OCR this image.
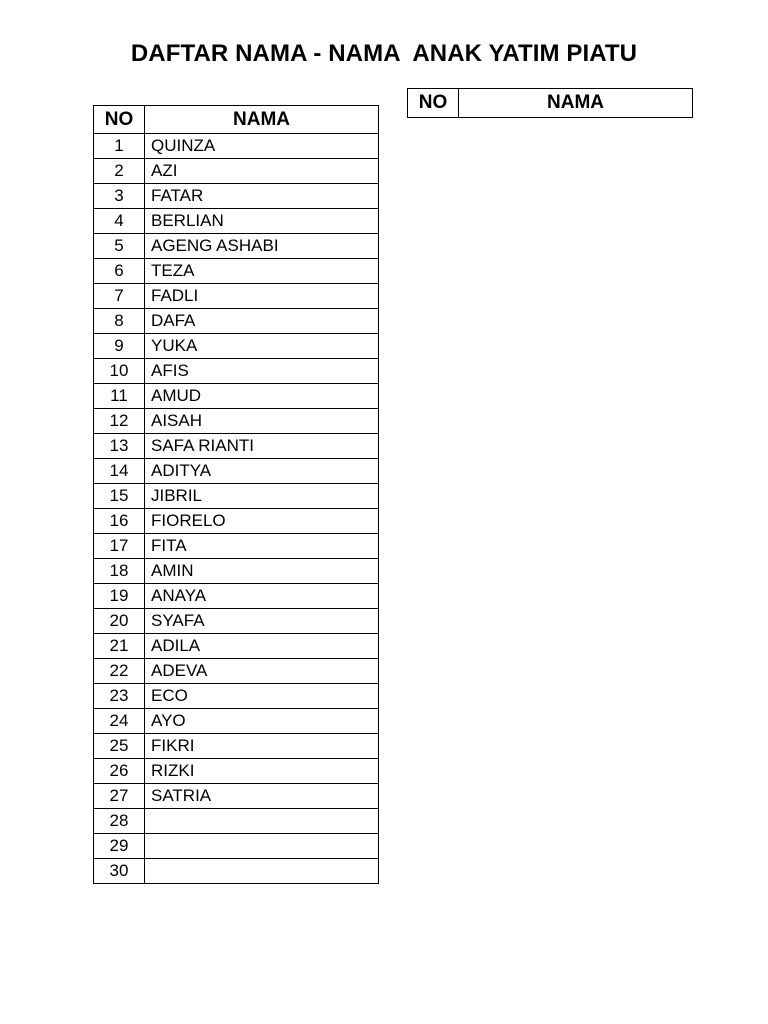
DAFTAR NAMA - NAMA  ANAK YATIM PIATU
NO	NAMA
1	QUINZA
2	AZI
3	FATAR
4	BERLIAN
5	AGENG ASHABI
6	TEZA
7	FADLI
8	DAFA
9	YUKA
10	AFIS
11	AMUD
12	AISAH
13	SAFA RIANTI
14	ADITYA
15	JIBRIL
16	FIORELO
17	FITA
18	AMIN
19	ANAYA
20	SYAFA
21	ADILA
22	ADEVA
23	ECO
24	AYO
25	FIKRI
26	RIZKI
27	SATRIA
28	
29	
30	
NO	NAMA
